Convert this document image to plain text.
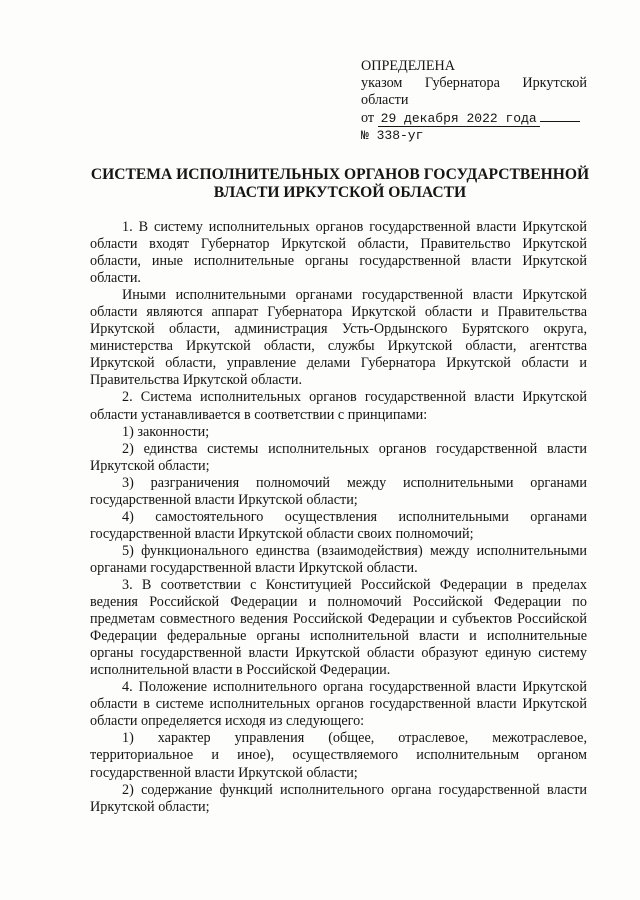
ОПРЕДЕЛЕНА
указом Губернатора Иркутской
области
от 29 декабря 2022 года
№ 338-уг
СИСТЕМА ИСПОЛНИТЕЛЬНЫХ ОРГАНОВ ГОСУДАРСТВЕННОЙ ВЛАСТИ ИРКУТСКОЙ ОБЛАСТИ

1. В систему исполнительных органов государственной власти Иркутской области входят Губернатор Иркутской области, Правительство Иркутской области, иные исполнительные органы государственной власти Иркутской области.

Иными исполнительными органами государственной власти Иркутской области являются аппарат Губернатора Иркутской области и Правительства Иркутской области, администрация Усть-Ордынского Бурятского округа, министерства Иркутской области, службы Иркутской области, агентства Иркутской области, управление делами Губернатора Иркутской области и Правительства Иркутской области.

2. Система исполнительных органов государственной власти Иркутской области устанавливается в соответствии с принципами:

1) законности;

2) единства системы исполнительных органов государственной власти Иркутской области;

3) разграничения полномочий между исполнительными органами государственной власти Иркутской области;

4) самостоятельного осуществления исполнительными органами государственной власти Иркутской области своих полномочий;

5) функционального единства (взаимодействия) между исполнительными органами государственной власти Иркутской области.

3. В соответствии с Конституцией Российской Федерации в пределах ведения Российской Федерации и полномочий Российской Федерации по предметам совместного ведения Российской Федерации и субъектов Российской Федерации федеральные органы исполнительной власти и исполнительные органы государственной власти Иркутской области образуют единую систему исполнительной власти в Российской Федерации.

4. Положение исполнительного органа государственной власти Иркутской области в системе исполнительных органов государственной власти Иркутской области определяется исходя из следующего:

1) характер управления (общее, отраслевое, межотраслевое, территориальное и иное), осуществляемого исполнительным органом государственной власти Иркутской области;

2) содержание функций исполнительного органа государственной власти Иркутской области;
